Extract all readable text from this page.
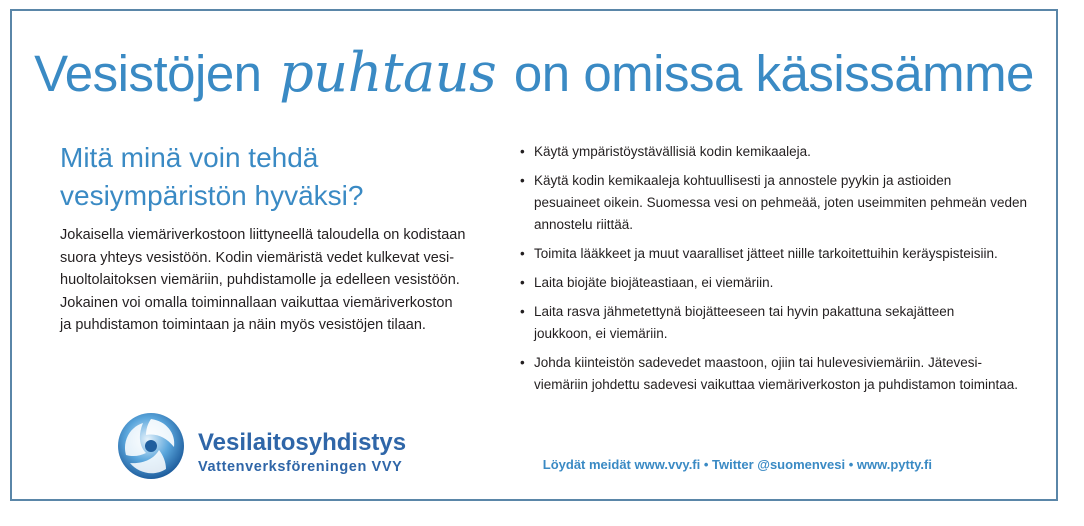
Vesistöjen puhtaus on omissa käsissämme
Mitä minä voin tehdä
vesiympäristön hyväksi?
Jokaisella viemäriverkostoon liittyneellä taloudella on kodistaan
suora yhteys vesistöön. Kodin viemäristä vedet kulkevat vesi-
huoltolaitoksen viemäriin, puhdistamolle ja edelleen vesistöön.
Jokainen voi omalla toiminnallaan vaikuttaa viemäriverkoston
ja puhdistamon toimintaan ja näin myös vesistöjen tilaan.
• Käytä ympäristöystävällisiä kodin kemikaaleja.
• Käytä kodin kemikaaleja kohtuullisesti ja annostele pyykin ja astioiden
pesuaineet oikein. Suomessa vesi on pehmeää, joten useimmiten pehmeän veden
annostelu riittää.
• Toimita lääkkeet ja muut vaaralliset jätteet niille tarkoitettuihin keräyspisteisiin.
• Laita biojäte biojäteastiaan, ei viemäriin.
• Laita rasva jähmetettynä biojätteeseen tai hyvin pakattuna sekajätteen
joukkoon, ei viemäriin.
• Johda kiinteistön sadevedet maastoon, ojiin tai hulevesiviemäriin. Jätevesi-
viemäriin johdettu sadevesi vaikuttaa viemäriverkoston ja puhdistamon toimintaa.
Vesilaitosyhdistys
Vattenverksföreningen VVY	Löydät meidät www.vvy.fi • Twitter @suomenvesi • www.pytty.fi
